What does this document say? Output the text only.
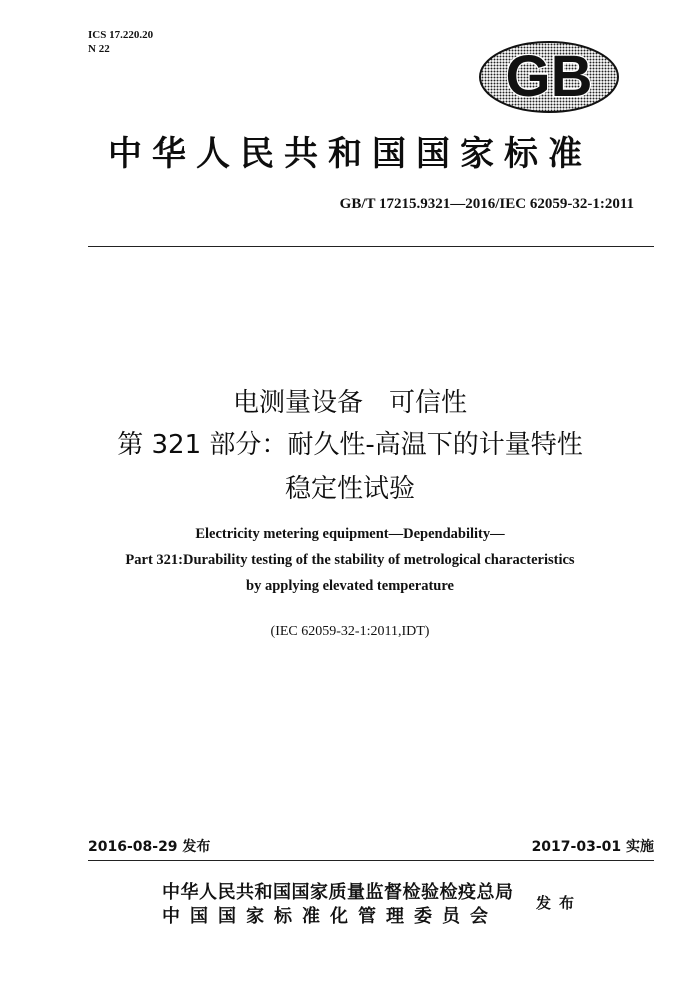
ICS 17.220.20
N 22	GB
中华人民共和国国家标准
GB/T 17215.9321—2016/IEC 62059-32-1:2011
电测量设备　可信性
第 321 部分：耐久性-高温下的计量特性
稳定性试验
Electricity metering equipment—Dependability—
Part 321:Durability testing of the stability of metrological characteristics
by applying elevated temperature
(IEC 62059-32-1:2011,IDT)
2016-08-29 发布	2017-03-01 实施
中华人民共和国国家质量监督检验检疫总局
中国国家标准化管理委员会
发布
